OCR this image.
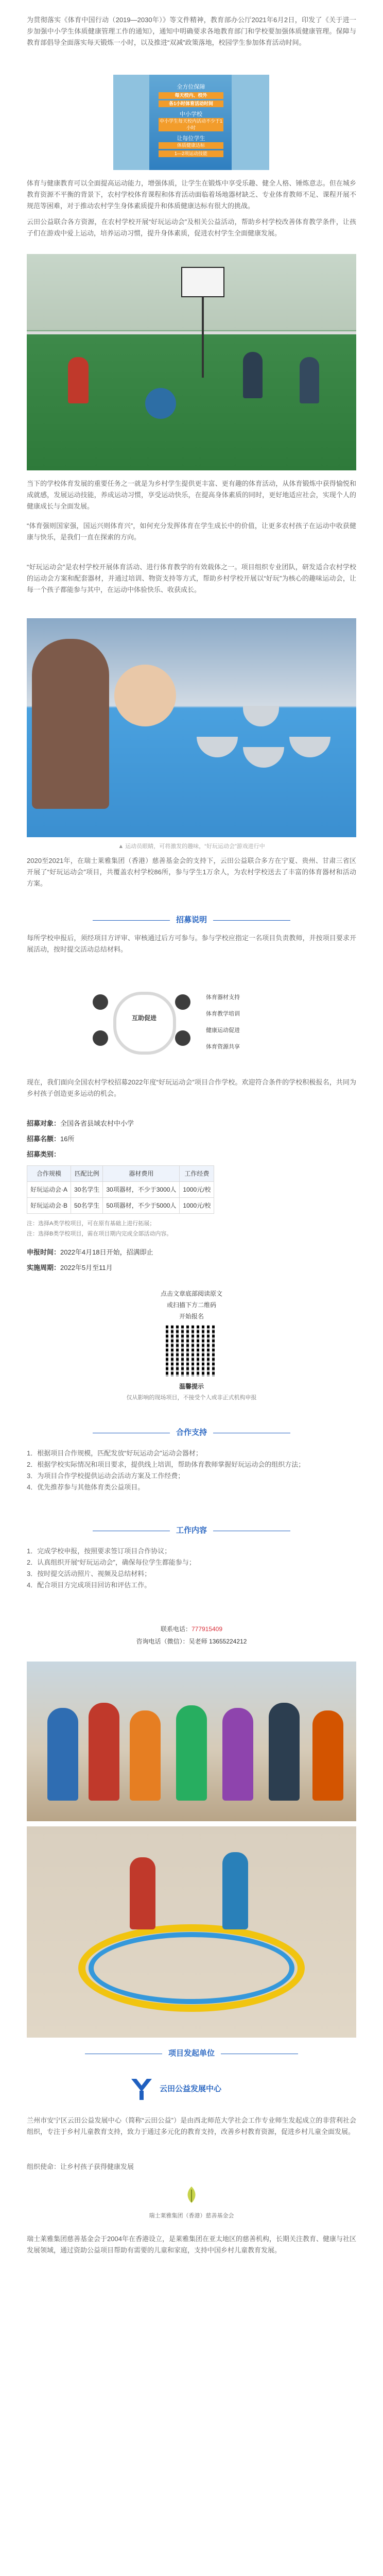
为贯彻落实《体育中国行动（2019—2030年）》等文件精神，教育部办公厅2021年6月2日，印发了《关于进一步加强中小学生体质健康管理工作的通知》，通知中明确要求各地教育部门和学校要加强体质健康管理。保障与教育部倡导全面落实每天锻炼一小时，以及推进“双减”政策落地，校园学生参加体育活动时间。

全方位保障
每天校内、校外
各1小时体育活动时间
中小学校
中小学生每天校内活动不少于1小时
让每位学生
体质健康达标
1—2项运动技能

体育与健康教育可以全面提高运动能力，增强体质，让学生在锻炼中享受乐趣、健全人格、锤炼意志。但在城乡教育资源不平衡的背景下，农村学校体育课程和体育活动面临着场地器材缺乏、专业体育教师不足、课程开展不规范等困难，对于推动农村学生身体素质提升和体质健康达标有很大的挑战。

云田公益联合各方资源，在农村学校开展“好玩运动会”及相关公益活动，帮助乡村学校改善体育教学条件，让孩子们在游戏中爱上运动，培养运动习惯，提升身体素质，促进农村学生全面健康发展。

当下的学校体育发展的重要任务之一就是为乡村学生提供更丰富、更有趣的体育活动，从体育锻炼中获得愉悦和成就感，发展运动技能，养成运动习惯，享受运动快乐，在提高身体素质的同时，更好地适应社会，实现个人的健康成长与全面发展。

“体育强则国家强，国运兴则体育兴”，如何充分发挥体育在学生成长中的价值，让更多农村孩子在运动中收获健康与快乐，是我们一直在探索的方向。

“好玩运动会”是农村学校开展体育活动、进行体育教学的有效载体之一。项目组织专业团队，研发适合农村学校的运动会方案和配套器材，并通过培训、物资支持等方式，帮助乡村学校开展以“好玩”为核心的趣味运动会，让每一个孩子都能参与其中，在运动中体验快乐、收获成长。

▲ 运动员眼睛，可将激发的趣味，“好玩运动会”游戏进行中

2020至2021年，在瑞士莱雅集团（香港）慈善基金会的支持下，云田公益联合多方在宁夏、贵州、甘肃三省区开展了“好玩运动会”项目，共覆盖农村学校86所，参与学生1万余人，为农村学校送去了丰富的体育器材和活动方案。

招募说明

每所学校申报后，须经项目方评审、审核通过后方可参与。参与学校应指定一名项目负责教师，并按项目要求开展活动，按时提交活动总结材料。

互助促进
体育器材支持
体育教学培训
健康运动促进
体育资源共享

现在，我们面向全国农村学校招募2022年度“好玩运动会”项目合作学校。欢迎符合条件的学校积极报名，共同为乡村孩子创造更多运动的机会。

招募对象：全国各省县域农村中小学
招募名额：16所
招募类别：
合作规模	匹配比例	器材费用	工作经费
好玩运动会·A	30名学生	30项器材，不少于3000人	1000元/校
好玩运动会·B	50名学生	50项器材，不少于5000人	1000元/校
注：选择A类学校项目，可在原有基础上进行拓展；
注：选择B类学校项目，需在项目期内完成全部活动内容。
申报时间：2022年4月18日开始，招满即止
实施周期：2022年5月至11月
点击文章底部阅读原文
或扫描下方二维码
开始报名
温馨提示
仅从影响的现场项目，不接受个人或非正式机构申报
合作支持

1．根据项目合作规模，匹配发放“好玩运动会”运动会器材；

2．根据学校实际情况和项目要求，提供线上培训，帮助体育教师掌握好玩运动会的组织方法；

3．为项目合作学校提供运动会活动方案及工作经费；

4．优先推荐参与其他体育类公益项目。

工作内容

1．完成学校申报，按照要求签订项目合作协议；

2．认真组织开展“好玩运动会”，确保每位学生都能参与；

3．按时提交活动照片、视频及总结材料；

4．配合项目方完成项目回访和评估工作。

联系电话：777915409
咨询电话（微信）：吴老师 13655224212
项目发起单位
云田公益发展中心

兰州市安宁区云田公益发展中心（简称“云田公益”）是由西北师范大学社会工作专业师生发起成立的非营利社会组织，专注于乡村儿童教育支持，致力于通过多元化的教育支持，改善乡村教育资源，促进乡村儿童全面发展。

组织使命：让乡村孩子获得健康发展

瑞士莱雅集团（香港）慈善基金会

瑞士莱雅集团慈善基金会于2004年在香港设立，是莱雅集团在亚太地区的慈善机构，长期关注教育、健康与社区发展领域，通过资助公益项目帮助有需要的儿童和家庭，支持中国乡村儿童教育发展。
